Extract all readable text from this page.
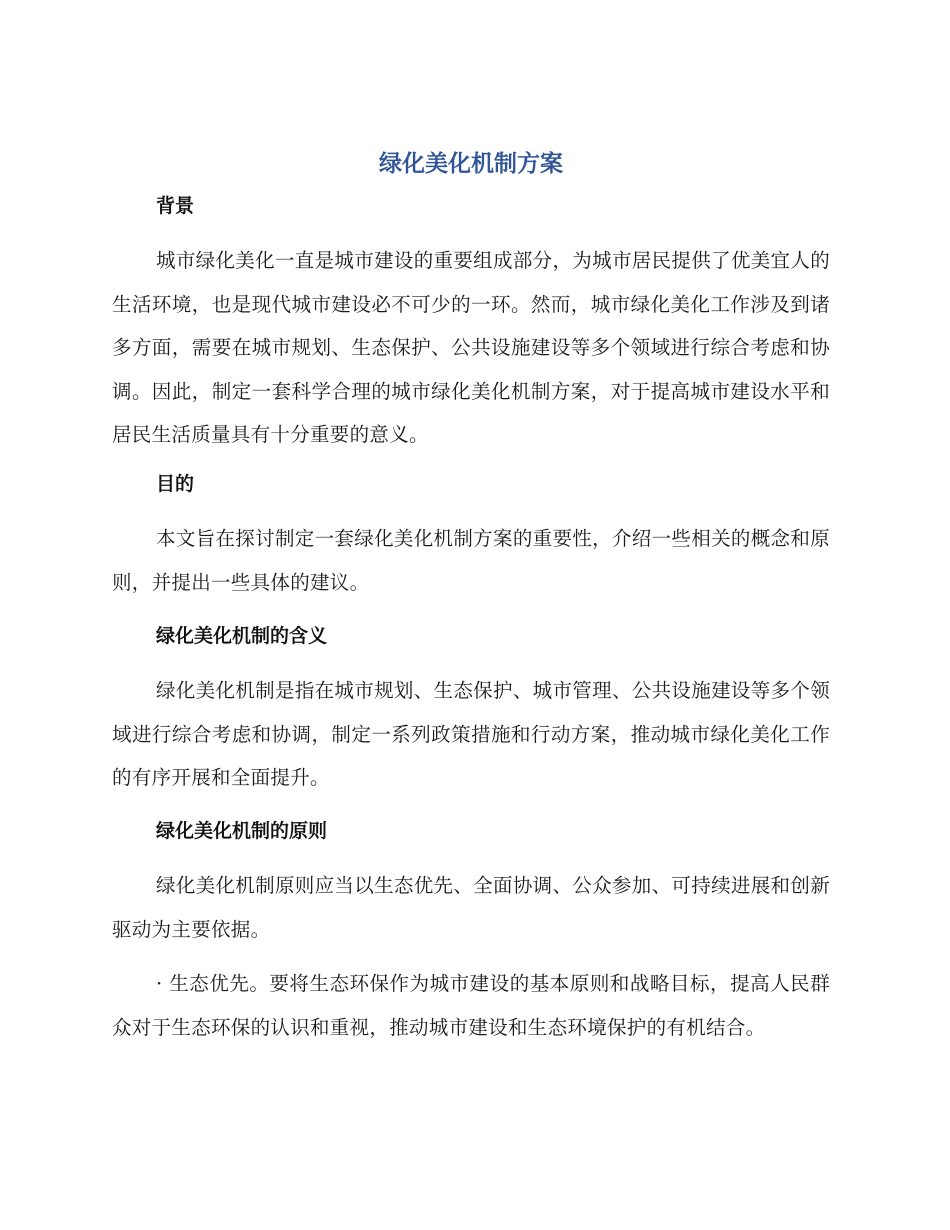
绿化美化机制方案
背景

城市绿化美化一直是城市建设的重要组成部分，为城市居民提供了优美宜人的生活环境，也是现代城市建设必不可少的一环。然而，城市绿化美化工作涉及到诸多方面，需要在城市规划、生态保护、公共设施建设等多个领域进行综合考虑和协调。因此，制定一套科学合理的城市绿化美化机制方案，对于提高城市建设水平和居民生活质量具有十分重要的意义。

目的

本文旨在探讨制定一套绿化美化机制方案的重要性，介绍一些相关的概念和原则，并提出一些具体的建议。

绿化美化机制的含义

绿化美化机制是指在城市规划、生态保护、城市管理、公共设施建设等多个领域进行综合考虑和协调，制定一系列政策措施和行动方案，推动城市绿化美化工作的有序开展和全面提升。

绿化美化机制的原则

绿化美化机制原则应当以生态优先、全面协调、公众参加、可持续进展和创新驱动为主要依据。

· 生态优先。要将生态环保作为城市建设的基本原则和战略目标，提高人民群众对于生态环保的认识和重视，推动城市建设和生态环境保护的有机结合。
